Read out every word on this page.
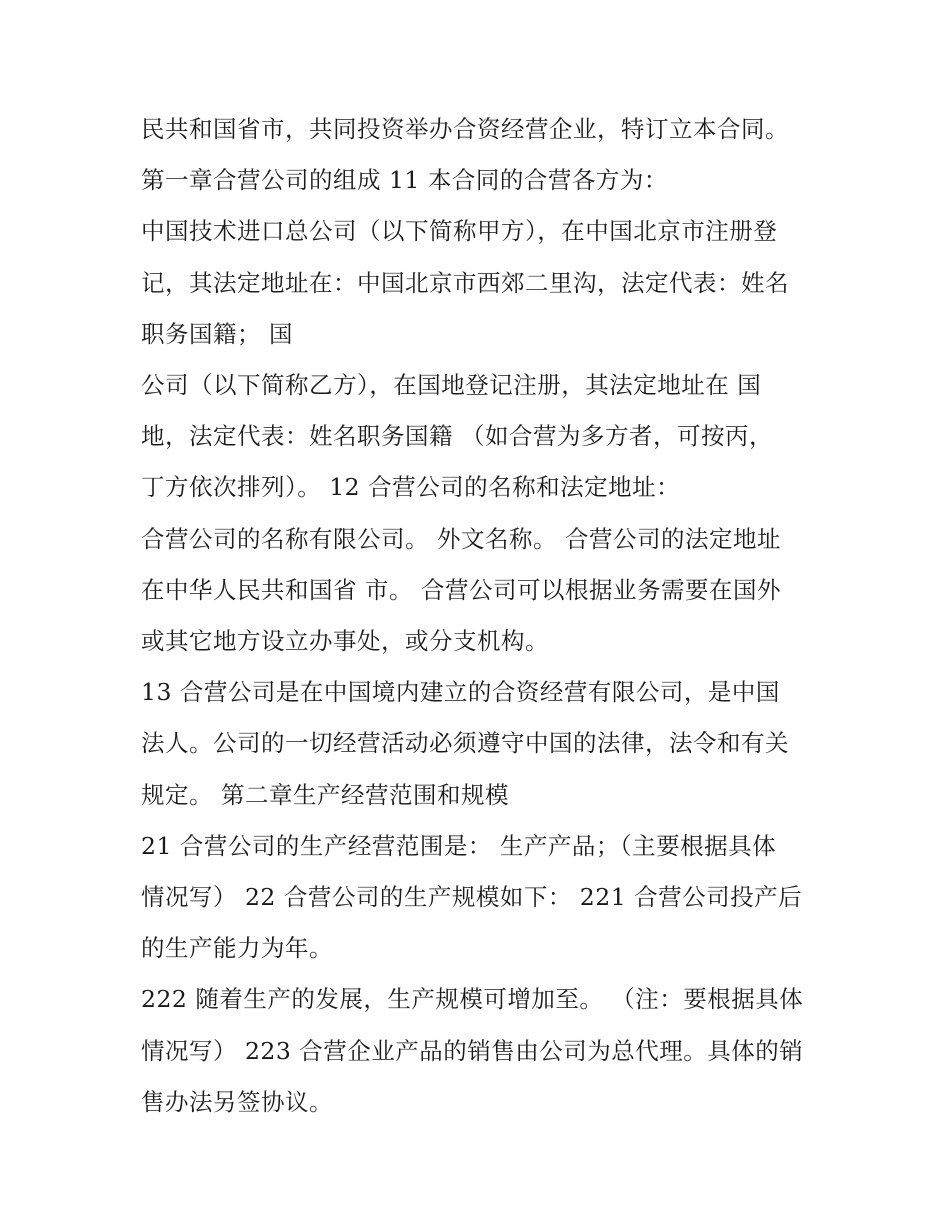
民共和国省市，共同投资举办合资经营企业，特订立本合同。
第一章合营公司的组成 11 本合同的合营各方为：
中国技术进口总公司（以下简称甲方），在中国北京市注册登
记，其法定地址在：中国北京市西郊二里沟，法定代表：姓名
职务国籍； 国
公司（以下简称乙方），在国地登记注册，其法定地址在 国
地，法定代表：姓名职务国籍 （如合营为多方者，可按丙，
丁方依次排列）。 12 合营公司的名称和法定地址：
合营公司的名称有限公司。 外文名称。 合营公司的法定地址
在中华人民共和国省 市。 合营公司可以根据业务需要在国外
或其它地方设立办事处，或分支机构。
13 合营公司是在中国境内建立的合资经营有限公司，是中国
法人。公司的一切经营活动必须遵守中国的法律，法令和有关
规定。 第二章生产经营范围和规模
21 合营公司的生产经营范围是： 生产产品；（主要根据具体
情况写） 22 合营公司的生产规模如下： 221 合营公司投产后
的生产能力为年。
222 随着生产的发展，生产规模可增加至。 （注：要根据具体
情况写） 223 合营企业产品的销售由公司为总代理。具体的销
售办法另签协议。
